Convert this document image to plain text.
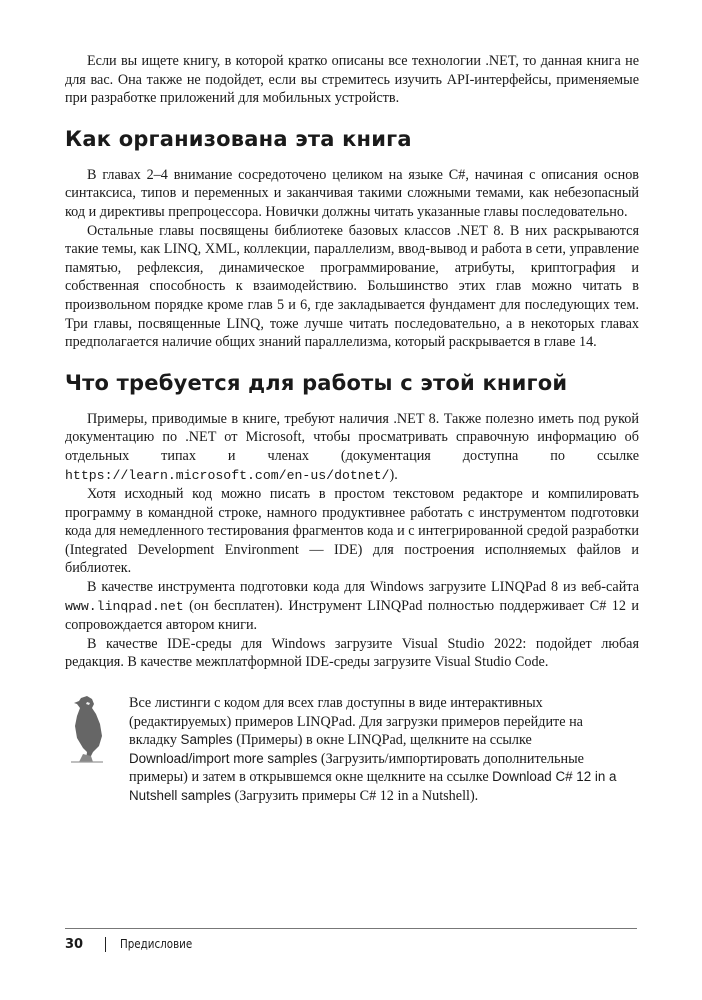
Если вы ищете книгу, в которой кратко описаны все технологии .NET, то данная книга не для вас. Она также не подойдет, если вы стремитесь изучить API-интерфейсы, применяемые при разработке приложений для мобильных устройств.

Как организована эта книга

В главах 2–4 внимание сосредоточено целиком на языке C#, начиная с описания основ синтаксиса, типов и переменных и заканчивая такими сложными темами, как небезопасный код и директивы препроцессора. Новички должны читать указанные главы последовательно.

Остальные главы посвящены библиотеке базовых классов .NET 8. В них раскрываются такие темы, как LINQ, XML, коллекции, параллелизм, ввод-вывод и работа в сети, управление памятью, рефлексия, динамическое программирование, атрибуты, криптография и собственная способность к взаимодействию. Большинство этих глав можно читать в произвольном порядке кроме глав 5 и 6, где закладывается фундамент для последующих тем. Три главы, посвященные LINQ, тоже лучше читать последовательно, а в некоторых главах предполагается наличие общих знаний параллелизма, который раскрывается в главе 14.

Что требуется для работы с этой книгой

Примеры, приводимые в книге, требуют наличия .NET 8. Также полезно иметь под рукой документацию по .NET от Microsoft, чтобы просматривать справочную информацию об отдельных типах и членах (документация доступна по ссылке https://learn.microsoft.com/en-us/dotnet/).

Хотя исходный код можно писать в простом текстовом редакторе и компилировать программу в командной строке, намного продуктивнее работать с инструментом подготовки кода для немедленного тестирования фрагментов кода и с интегрированной средой разработки (Integrated Development Environment — IDE) для построения исполняемых файлов и библиотек.

В качестве инструмента подготовки кода для Windows загрузите LINQPad 8 из веб-сайта www.linqpad.net (он бесплатен). Инструмент LINQPad полностью поддерживает C# 12 и сопровождается автором книги.

В качестве IDE-среды для Windows загрузите Visual Studio 2022: подойдет любая редакция. В качестве межплатформной IDE-среды загрузите Visual Studio Code.

Все листинги с кодом для всех глав доступны в виде интерактивных (редактируемых) примеров LINQPad. Для загрузки примеров перейдите на вкладку Samples (Примеры) в окне LINQPad, щелкните на ссылке Download/import more samples (Загрузить/импортировать дополнительные примеры) и затем в открывшемся окне щелкните на ссылке Download C# 12 in a Nutshell samples (Загрузить примеры C# 12 in a Nutshell).

30	Предисловие
